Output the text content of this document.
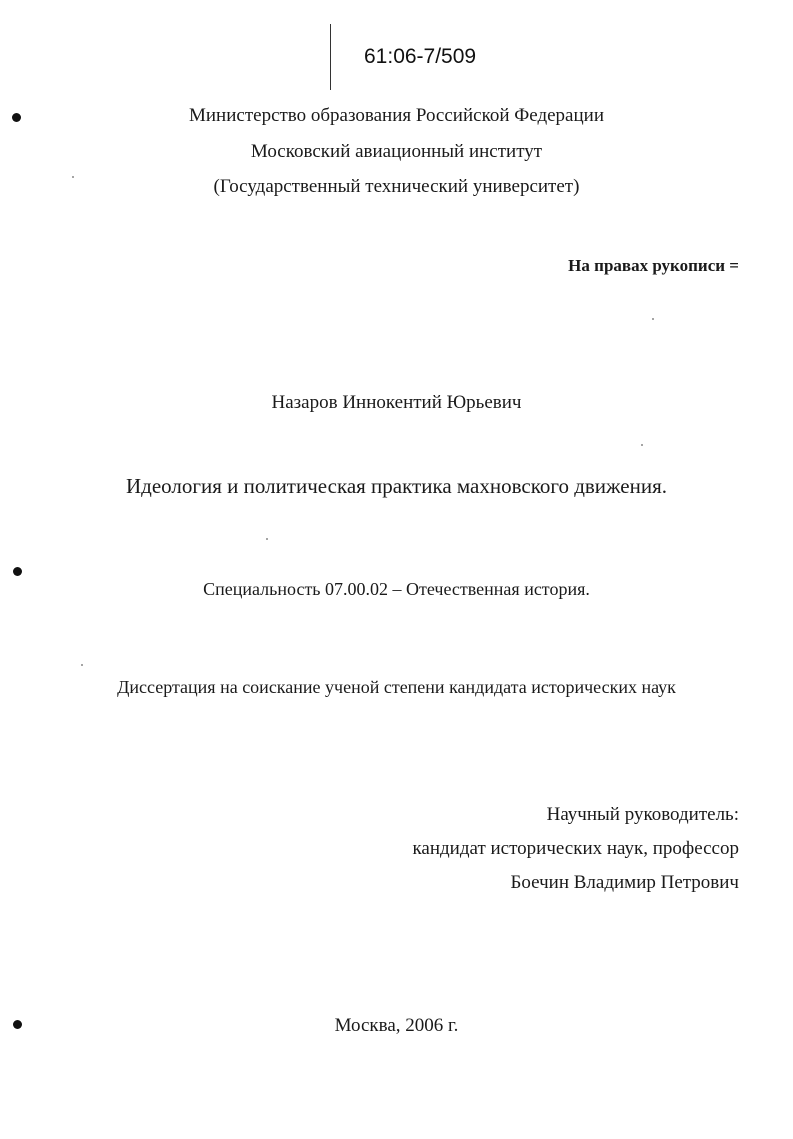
61:06-7/509
Министерство образования Российской Федерации
Московский авиационный институт
(Государственный технический университет)
На правах рукописи =
Назаров Иннокентий Юрьевич
Идеология и политическая практика махновского движения.
Специальность 07.00.02 – Отечественная история.
Диссертация на соискание ученой степени кандидата исторических наук
Научный руководитель:
кандидат исторических наук, профессор
Боечин Владимир Петрович
Москва, 2006 г.
